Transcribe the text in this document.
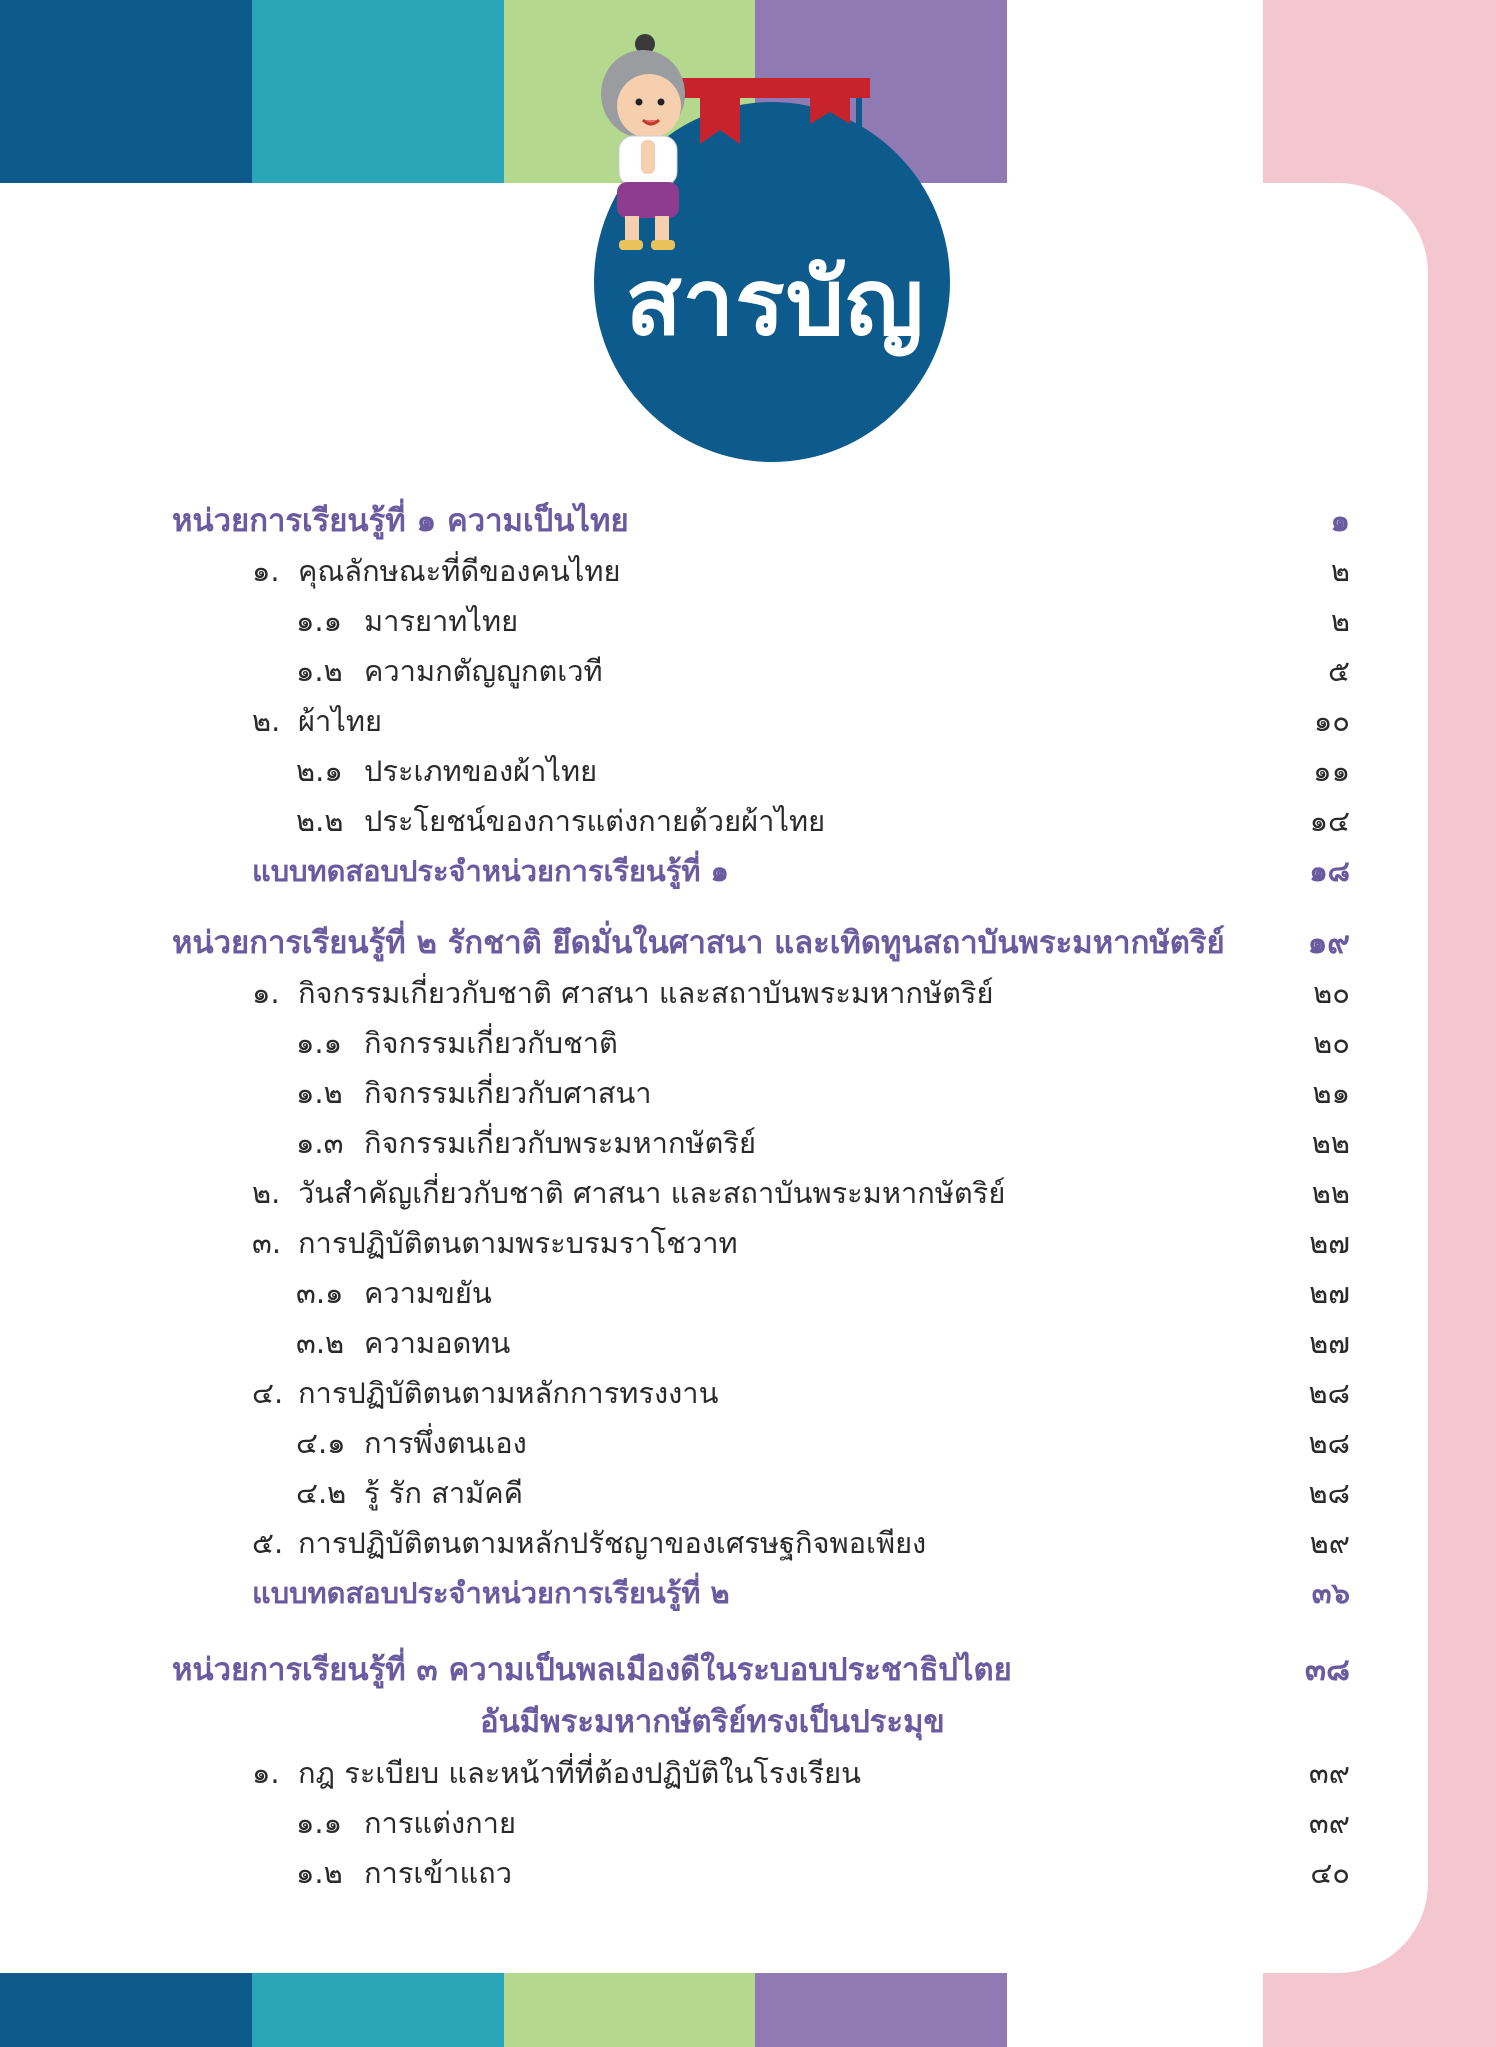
สารบัญ
หน่วยการเรียนรู้ที่ ๑ ความเป็นไทย	๑
๑. คุณลักษณะที่ดีของคนไทย	๒
๑.๑ มารยาทไทย	๒
๑.๒ ความกตัญญูกตเวที	๕
๒. ผ้าไทย	๑๐
๒.๑ ประเภทของผ้าไทย	๑๑
๒.๒ ประโยชน์ของการแต่งกายด้วยผ้าไทย	๑๔
แบบทดสอบประจำหน่วยการเรียนรู้ที่ ๑	๑๘
หน่วยการเรียนรู้ที่ ๒ รักชาติ ยึดมั่นในศาสนา และเทิดทูนสถาบันพระมหากษัตริย์	๑๙
๑. กิจกรรมเกี่ยวกับชาติ ศาสนา และสถาบันพระมหากษัตริย์	๒๐
๑.๑ กิจกรรมเกี่ยวกับชาติ	๒๐
๑.๒ กิจกรรมเกี่ยวกับศาสนา	๒๑
๑.๓ กิจกรรมเกี่ยวกับพระมหากษัตริย์	๒๒
๒. วันสำคัญเกี่ยวกับชาติ ศาสนา และสถาบันพระมหากษัตริย์	๒๒
๓. การปฏิบัติตนตามพระบรมราโชวาท	๒๗
๓.๑ ความขยัน	๒๗
๓.๒ ความอดทน	๒๗
๔. การปฏิบัติตนตามหลักการทรงงาน	๒๘
๔.๑ การพึ่งตนเอง	๒๘
๔.๒ รู้ รัก สามัคคี	๒๘
๕. การปฏิบัติตนตามหลักปรัชญาของเศรษฐกิจพอเพียง	๒๙
แบบทดสอบประจำหน่วยการเรียนรู้ที่ ๒	๓๖
หน่วยการเรียนรู้ที่ ๓ ความเป็นพลเมืองดีในระบอบประชาธิปไตย	๓๘
อันมีพระมหากษัตริย์ทรงเป็นประมุข
๑. กฎ ระเบียบ และหน้าที่ที่ต้องปฏิบัติในโรงเรียน	๓๙
๑.๑ การแต่งกาย	๓๙
๑.๒ การเข้าแถว	๔๐
